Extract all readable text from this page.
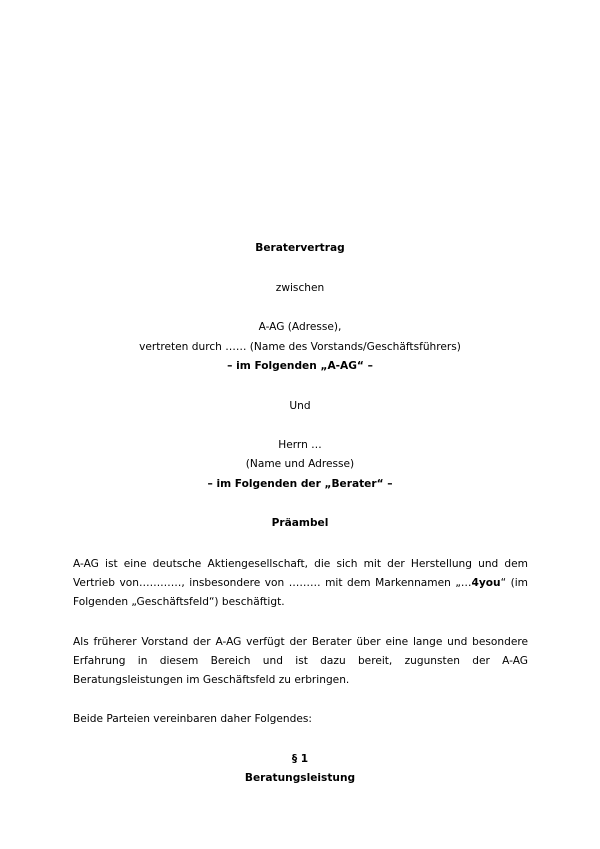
Beratervertrag
zwischen
A-AG (Adresse),
vertreten durch …… (Name des Vorstands/Geschäftsführers)
– im Folgenden „A-AG“ –
Und
Herrn …
(Name und Adresse)
– im Folgenden der „Berater“ –
Präambel
A-AG ist eine deutsche Aktiengesellschaft, die sich mit der Herstellung und dem
Vertrieb von…………, insbesondere von ……… mit dem Markennamen „…4you“ (im
Folgenden „Geschäftsfeld“) beschäftigt.
Als früherer Vorstand der A-AG verfügt der Berater über eine lange und besondere
Erfahrung in diesem Bereich und ist dazu bereit, zugunsten der A-AG
Beratungsleistungen im Geschäftsfeld zu erbringen.
Beide Parteien vereinbaren daher Folgendes:
§ 1
Beratungsleistung
